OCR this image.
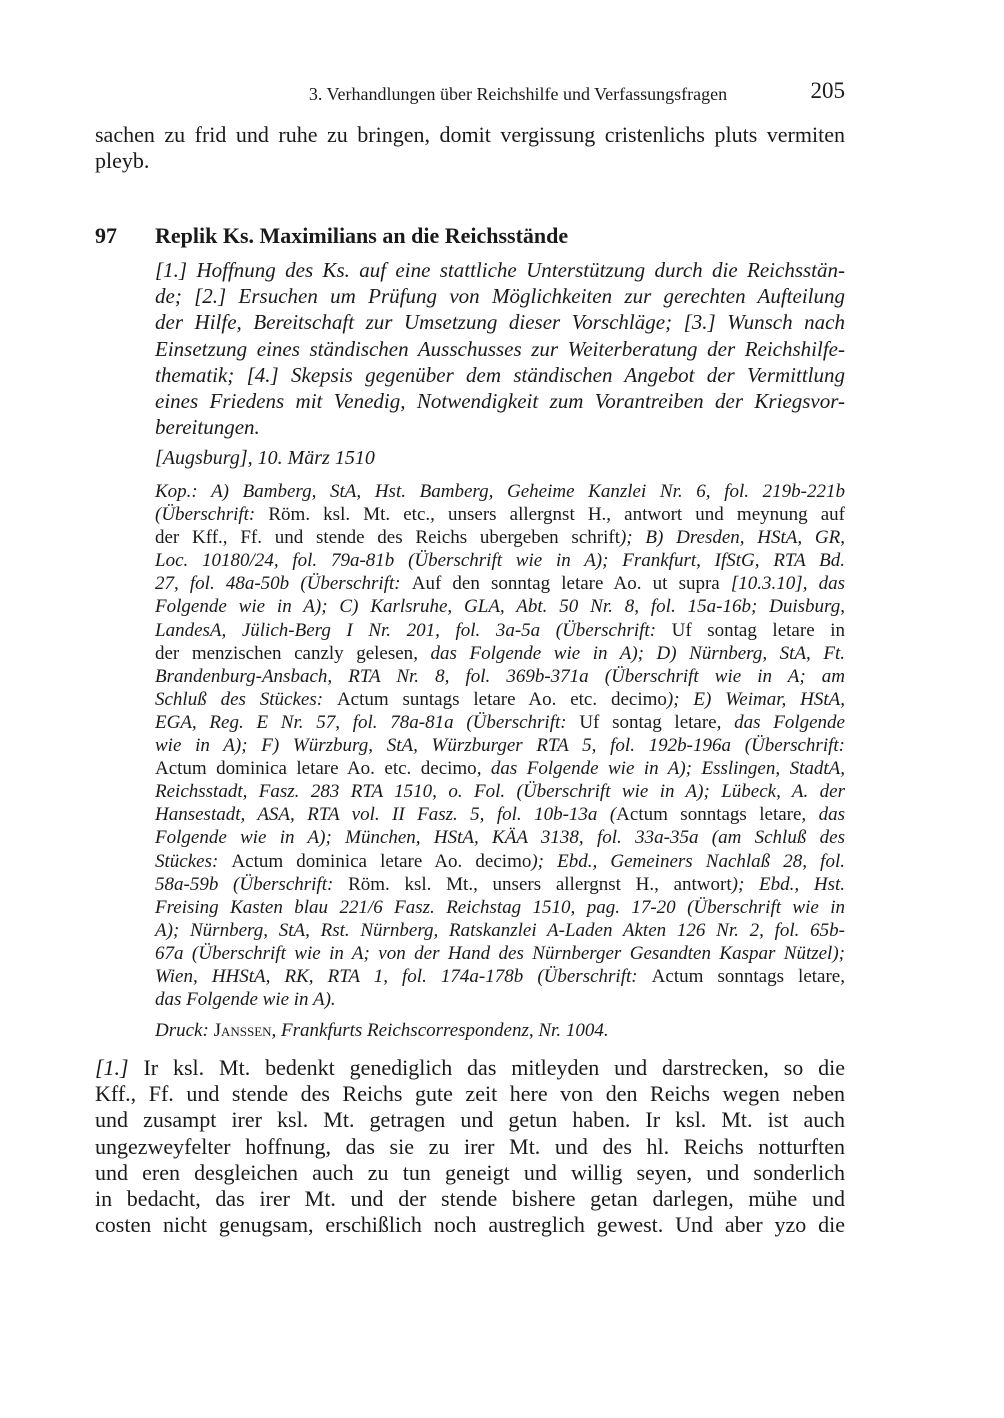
3. Verhandlungen über Reichshilfe und Verfassungsfragen	205
sachen zu frid und ruhe zu bringen, domit vergissung cristenlichs pluts vermiten
pleyb.
97 Replik Ks. Maximilians an die Reichsstände
[1.] Hoffnung des Ks. auf eine stattliche Unterstützung durch die Reichsstän-
de; [2.] Ersuchen um Prüfung von Möglichkeiten zur gerechten Aufteilung
der Hilfe, Bereitschaft zur Umsetzung dieser Vorschläge; [3.] Wunsch nach
Einsetzung eines ständischen Ausschusses zur Weiterberatung der Reichshilfe-
thematik; [4.] Skepsis gegenüber dem ständischen Angebot der Vermittlung
eines Friedens mit Venedig, Notwendigkeit zum Vorantreiben der Kriegsvor-
bereitungen.
[Augsburg], 10. März 1510
Kop.: A) Bamberg, StA, Hst. Bamberg, Geheime Kanzlei Nr. 6, fol. 219b-221b
(Überschrift: Röm. ksl. Mt. etc., unsers allergnst H., antwort und meynung auf
der Kff., Ff. und stende des Reichs ubergeben schrift); B) Dresden, HStA, GR,
Loc. 10180/24, fol. 79a-81b (Überschrift wie in A); Frankfurt, IfStG, RTA Bd.
27, fol. 48a-50b (Überschrift: Auf den sonntag letare Ao. ut supra [10.3.10], das
Folgende wie in A); C) Karlsruhe, GLA, Abt. 50 Nr. 8, fol. 15a-16b; Duisburg,
LandesA, Jülich-Berg I Nr. 201, fol. 3a-5a (Überschrift: Uf sontag letare in
der menzischen canzly gelesen, das Folgende wie in A); D) Nürnberg, StA, Ft.
Brandenburg-Ansbach, RTA Nr. 8, fol. 369b-371a (Überschrift wie in A; am
Schluß des Stückes: Actum suntags letare Ao. etc. decimo); E) Weimar, HStA,
EGA, Reg. E Nr. 57, fol. 78a-81a (Überschrift: Uf sontag letare, das Folgende
wie in A); F) Würzburg, StA, Würzburger RTA 5, fol. 192b-196a (Überschrift:
Actum dominica letare Ao. etc. decimo, das Folgende wie in A); Esslingen, StadtA,
Reichsstadt, Fasz. 283 RTA 1510, o. Fol. (Überschrift wie in A); Lübeck, A. der
Hansestadt, ASA, RTA vol. II Fasz. 5, fol. 10b-13a (Actum sonntags letare, das
Folgende wie in A); München, HStA, KÄA 3138, fol. 33a-35a (am Schluß des
Stückes: Actum dominica letare Ao. decimo); Ebd., Gemeiners Nachlaß 28, fol.
58a-59b (Überschrift: Röm. ksl. Mt., unsers allergnst H., antwort); Ebd., Hst.
Freising Kasten blau 221/6 Fasz. Reichstag 1510, pag. 17-20 (Überschrift wie in
A); Nürnberg, StA, Rst. Nürnberg, Ratskanzlei A-Laden Akten 126 Nr. 2, fol. 65b-
67a (Überschrift wie in A; von der Hand des Nürnberger Gesandten Kaspar Nützel);
Wien, HHStA, RK, RTA 1, fol. 174a-178b (Überschrift: Actum sonntags letare,
das Folgende wie in A).
Druck: Janssen, Frankfurts Reichscorrespondenz, Nr. 1004.
[1.] Ir ksl. Mt. bedenkt genediglich das mitleyden und darstrecken, so die
Kff., Ff. und stende des Reichs gute zeit here von den Reichs wegen neben
und zusampt irer ksl. Mt. getragen und getun haben. Ir ksl. Mt. ist auch
ungezweyfelter hoffnung, das sie zu irer Mt. und des hl. Reichs notturften
und eren desgleichen auch zu tun geneigt und willig seyen, und sonderlich
in bedacht, das irer Mt. und der stende bishere getan darlegen, mühe und
costen nicht genugsam, erschißlich noch austreglich gewest. Und aber yzo die
